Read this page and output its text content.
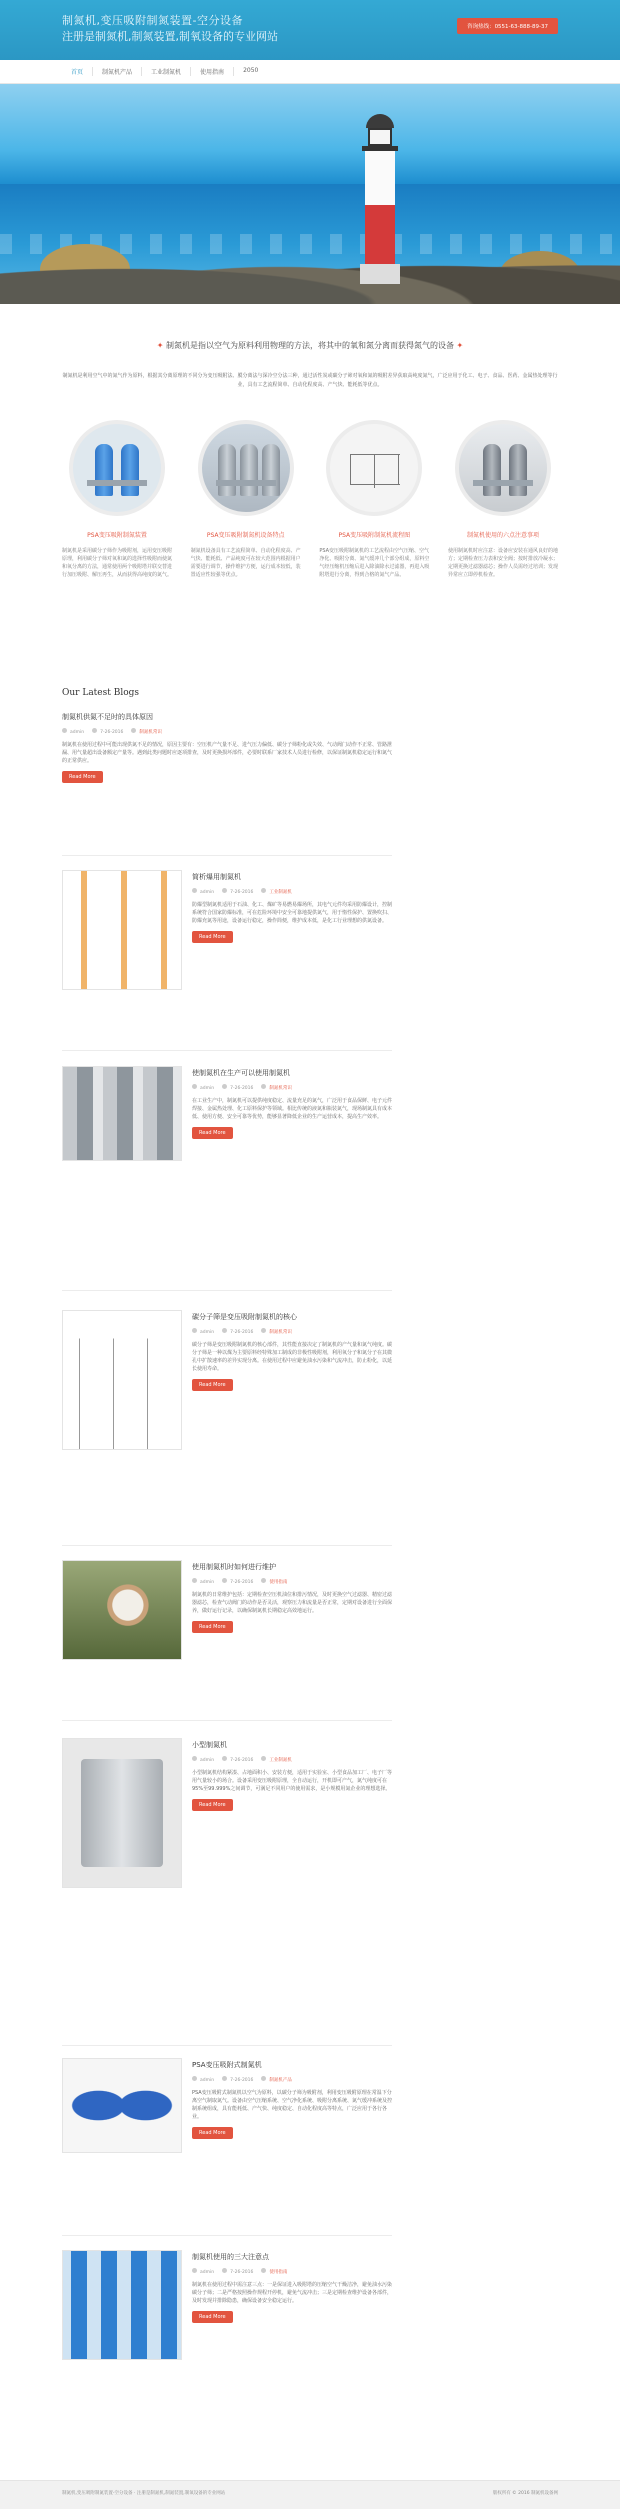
制氮机,变压吸附制氮装置-空分设备
注册是制氮机,制氮装置,制氧设备的专业网站
咨询热线：0551-63-888-89-37
首页	制氮机产品	工业制氮机	使用指南	2050
✦ 制氮机是指以空气为原料利用物理的方法，将其中的氧和氮分离而获得氮气的设备 ✦
制氮机是利用空气中的氮气作为原料，根据其分离原理的不同分为变压吸附法、膜分离法与深冷空分法三种，通过活性炭或碳分子筛对氧和氮的吸附差异获取高纯度氮气，广泛应用于化工、电子、食品、医药、金属热处理等行业，具有工艺流程简单、自动化程度高、产气快、能耗低等优点。
PSA变压吸附制氮装置

制氮机是采用碳分子筛作为吸附剂，运用变压吸附原理，利用碳分子筛对氧和氮的选择性吸附而使氮和氧分离的方法，通常使用两个吸附塔并联交替进行加压吸附、解压再生，从而获得高纯度的氮气。

PSA变压吸附制氮机设备特点

制氮机设备具有工艺流程简单、自动化程度高、产气快、能耗低、产品纯度可在较大范围内根据用户需要进行调节，操作维护方便，运行成本较低，装置适应性较强等优点。

PSA变压吸附制氮机流程图

PSA变压吸附制氮机的工艺流程由空气压缩、空气净化、吸附分离、氮气缓冲几个部分组成，原料空气经压缩机压缩后进入除油除水过滤器，再进入吸附塔进行分离，得到合格的氮气产品。

制氮机使用的六点注意事项

使用制氮机时应注意：设备应安装在通风良好的地方；定期检查压力表和安全阀；按时排放冷凝水；定期更换过滤器滤芯；操作人员需经过培训；发现异常应立即停机检查。

Our Latest Blogs
制氮机供氮不足时的具体原因
admin	7-26-2016	制氮机常识
制氮机在使用过程中可能出现供氮不足的情况，原因主要有：空压机产气量不足、进气压力偏低、碳分子筛粉化或失效、气动阀门动作不正常、管路泄漏、用气量超出设备额定产量等。遇到此类问题时应逐项排查，及时更换损坏部件，必要时联系厂家技术人员进行检修，以保证制氮机稳定运行和氮气的正常供应。
Read More
简析爆用制氮机
admin	7-26-2016	工业制氮机
防爆型制氮机适用于石油、化工、煤矿等易燃易爆场所，其电气元件均采用防爆设计，控制系统符合国家防爆标准，可在危险环境中安全可靠地提供氮气，用于惰性保护、置换吹扫、防爆充氮等用途，设备运行稳定，操作简便，维护成本低，是化工行业理想的供氮设备。
Read More
使制氮机在生产可以使用制氮机
admin	7-26-2016	制氮机常识
在工业生产中，制氮机可以提供纯度稳定、流量充足的氮气，广泛用于食品保鲜、电子元件焊接、金属热处理、化工原料保护等领域。相比传统的液氮和瓶装氮气，现场制氮具有成本低、使用方便、安全可靠等优势，能够显著降低企业的生产运营成本，提高生产效率。
Read More
碳分子筛是变压吸附制氮机的核心
admin	7-26-2016	制氮机常识
碳分子筛是变压吸附制氮机的核心部件，其性能直接决定了制氮机的产气量和氮气纯度。碳分子筛是一种以煤为主要原料经特殊加工制成的非极性吸附剂，利用氧分子和氮分子在其微孔中扩散速率的差异实现分离。在使用过程中应避免油水污染和气流冲击，防止粉化，以延长使用寿命。
Read More
使用制氮机时如何进行维护
admin	7-26-2016	使用指南
制氮机的日常维护包括：定期检查空压机油位和排污情况，及时更换空气过滤器、精密过滤器滤芯，检查气动阀门的动作是否灵活，观察压力和流量是否正常，定期对设备进行全面保养，做好运行记录，以确保制氮机长期稳定高效地运行。
Read More
小型制氮机
admin	7-26-2016	工业制氮机
小型制氮机结构紧凑、占地面积小、安装方便，适用于实验室、小型食品加工厂、电子厂等用气量较小的场合。设备采用变压吸附原理，全自动运行，开机即可产气，氮气纯度可在95%至99.999%之间调节，可满足不同用户的使用需求，是小规模用氮企业的理想选择。
Read More
PSA变压吸附式制氮机
admin	7-26-2016	制氮机产品
PSA变压吸附式制氮机以空气为原料，以碳分子筛为吸附剂，利用变压吸附原理在常温下分离空气制取氮气。设备由空气压缩系统、空气净化系统、吸附分离系统、氮气缓冲系统及控制系统组成，具有能耗低、产气快、纯度稳定、自动化程度高等特点，广泛应用于各行各业。
Read More
制氮机使用的三大注意点
admin	7-26-2016	使用指南
制氮机在使用过程中需注意三点：一是保证进入吸附塔的压缩空气干燥洁净，避免油水污染碳分子筛；二是严格按照操作规程开停机，避免气流冲击；三是定期检查维护设备各部件，及时发现并排除隐患，确保设备安全稳定运行。
Read More
制氮机,变压吸附制氮装置-空分设备 · 注册是制氮机,制氮装置,制氧设备的专业网站	版权所有 © 2016 制氮机设备网
